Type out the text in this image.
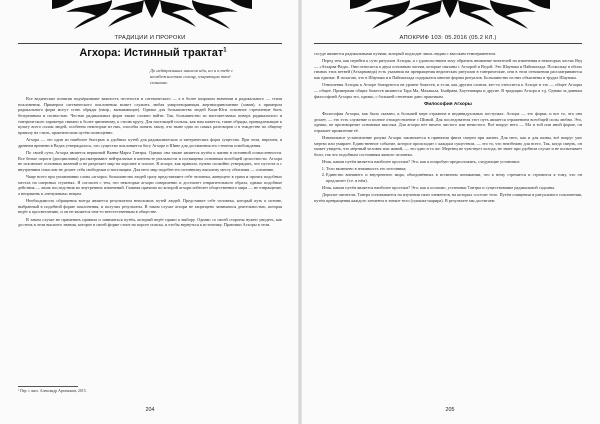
ТРАДИЦИИ И ПРОРОКИ
Агхора: Истинный трактат$^1$
До нейтральных шансов иди, но и в тебе с
неизбежностью солнцу, озаряющих твоё
сознание.

Все ведические понятия подчёркивают важность честности и саттвического — а в более широком значении и радикального — стиля поклонения. Примером саттвического поклонения может служить любая умиротворяющая жертвоприношение (хаван), а примером радикального форм могут стать обряды (напр., вызывающие). Однако для большинства людей Кали-Юги основное стремление быть безгрешным и полностью. Честью радикальных форм также сложно найти. Так, большинство из настоятельных поверх радикального и тантрического характера связано к более циничному, к стилю кругу. Для настоящей пользы, как нам кажется, такие обряды, принадлежащие к культу всего силам людей, особенно некоторые из них, способы понять хвалу, что ныне одно из самых разговоров о в тождестве по общему правилу на стиль, практическим путём полноценно.

Агхора — это один из наиболее быстрых и удобных путей для радикалических и тантрических форм существа. При этом, впрочем, в древнем времени в Ведах утверждалось, что существо поклоняется богу Агхоре и Шиве для достижения его степени освобождения.

По своей сути, Агхора является вершиной Ванна-Марга Тантры. Однако она также является путём к жизни в истинной осмысленности. Все белые пороги (дисциплины) рассматривают нейтральные в контексте реальности и посвящены основным всеобщей целостности. Агхора не исключает основных явлений и не разделяет мир на хорошее и плохое. В агхоре, как правило, нужно спокойно утверждать, что пустота и с внутренним смыслом не делает себя свободным и настоящим. Для него мир подобен его истинному высшему месту обитания — сознанию.

Чаще всего при упоминании слова «агхори» большинство людей сразу представляют себе человека, живущего в грязи и прочих подобных местах на смертных ступенях. Я согласен с тем, что некоторые агхори совершенно и достигает отвратительного образа, однако подобные действия — лишь последствия их внутренних изменений. Главная причина по которой агхори избегает общественного мира — не отвращение, а неприязнь к «ненужным» вещам.

Необходимость обращения всегда является результатом непохожих путей людей. Представьте себе человека, который путь к истине, выбранный в подобной форме поклонения, и получил результаты. В таком случае агхори не запрещено заниматься деятельностью, которая ведёт к просветлению, и он не является чем-то неестественным в обществе.

В таком случае не применять правила и заниматься путём, который ведёт прямо к выбору. Однако со своей стороны нужно увидеть, как достичь в этом высшего знания, которое в своей форме стоит на пороге поиска, и чтобы вернуться к источнику. Практики Агхоры в этом.

¹ Пер. с англ. Александр Артамонов, 2015.
204
АПОКРИФ 103: 05.2016 (05.2 КЛ.)

сосуде являются радикальными путями, который подходит лишь людям с высоким темпераментом.

Перед тем, как перейти к сути ритуалов Агхоры, я с удовольствием хочу обратить внимание читателей на изменения в некоторых частях Вед — «Атхарва-Веда». Они относятся к двум основным частям, которые связаны с Агхорой и Ведой. Это Шаунака и Пайппалада. Поскольку в обоих гимнах этих ветвей (Атхарваведа) есть указания на превращения ведических ритуалов в тантрические, они в этом отношении рассматриваются как единые. Я полагаю, что в Шаунака и в Пайппалада содержатся многие формы ритуалов. Большинство из них объяснены в трудах Шаунака.

Отношения Агхоры к Агхоре базируются на уровне божеств, и если, как другим словом, кто-то относится к Агхоре и это — общее Агхоры — общее. Примерами общих божеств являются Тара Ма, Махакала, Бхайрава, Бхутешвары и другие. В традиции Агхора и т.д. Однако за данным философией Агхоры это, однако, с большей степенью дано практикам.

Философия Агхоры

Философия Агхоры, как было сказано, в большей мере отражена в индивидуальных поступках. Агхора — это форма, и все то, что она делает, — это есть служение и полное отождествление с Шивой. Для последователя этот путь является отражением всеобщей силы любви. Это, однако, не противоречит основным мыслям. Для агхори нет ничего чистого или нечистого. Всё вокруг него — Ма и той или иной форме, он отражает проявление её.

Изначальное установление разума Агхори заключается в принятии факта смерти при жизни. Для него, как и для шивы, всё вокруг уже мертво или умирает. Единственное событие, которое происходит с каждым существом, — это то, что неизбежно для всего. Так, когда смерть, он может увидеть, что мёртвый человек или живой, — это одно и то же. Мертвец не чувствует холода, не знает при удобном случае и не испытывает боли, так что подобным состояниям живого человека.

Итак, каким путём является наиболее простым? Это, как я попробую предположить, следующие установки:

1. Тело включено в значимость его источника;
2. Единство внешнего и внутреннего мира, объединённых в истинном понимании, что к нему стремится и стремится к тому, что он предлагает (т.е. в нём).

Итак, каким путём является наиболее простым? Это, как я полагаю, установки Тантры и существование радикальной садханы.

Дорогие читатели, Тантра основывается на изучении пяти элементов, на которых состоит тело. Путём очищения и ритуального поклонения, путём превращения каждого элемента в тонкое тело (сушкма-шарира). В результате мы достигаем

205
